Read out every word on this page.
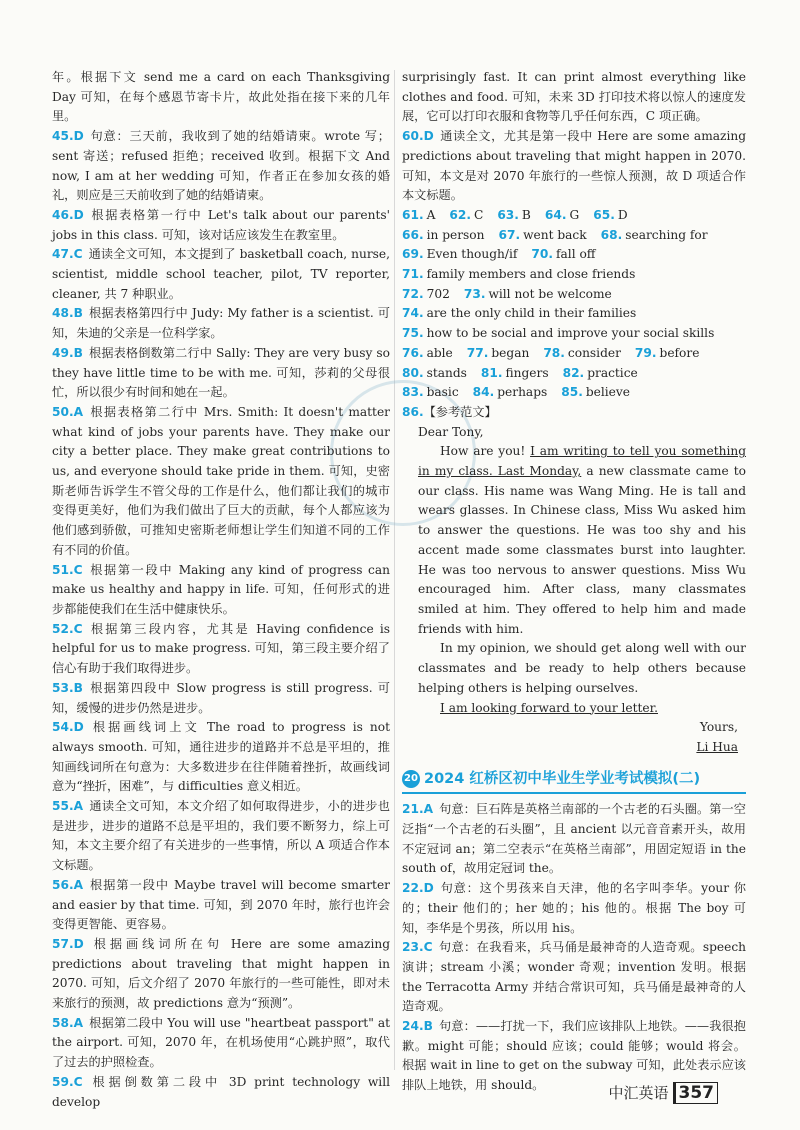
年。根据下文 send me a card on each Thanksgiving Day 可知，在每个感恩节寄卡片，故此处指在接下来的几年里。

45.D 句意：三天前，我收到了她的结婚请柬。wrote 写；sent 寄送；refused 拒绝；received 收到。根据下文 And now, I am at her wedding 可知，作者正在参加女孩的婚礼，则应是三天前收到了她的结婚请柬。

46.D 根据表格第一行中 Let's talk about our parents' jobs in this class. 可知，该对话应该发生在教室里。

47.C 通读全文可知，本文提到了 basketball coach, nurse, scientist, middle school teacher, pilot, TV reporter, cleaner, 共 7 种职业。

48.B 根据表格第四行中 Judy: My father is a scientist. 可知，朱迪的父亲是一位科学家。

49.B 根据表格倒数第二行中 Sally: They are very busy so they have little time to be with me. 可知，莎莉的父母很忙，所以很少有时间和她在一起。

50.A 根据表格第二行中 Mrs. Smith: It doesn't matter what kind of jobs your parents have. They make our city a better place. They make great contributions to us, and everyone should take pride in them. 可知，史密斯老师告诉学生不管父母的工作是什么，他们都让我们的城市变得更美好，他们为我们做出了巨大的贡献，每个人都应该为他们感到骄傲，可推知史密斯老师想让学生们知道不同的工作有不同的价值。

51.C 根据第一段中 Making any kind of progress can make us healthy and happy in life. 可知，任何形式的进步都能使我们在生活中健康快乐。

52.C 根据第三段内容，尤其是 Having confidence is helpful for us to make progress. 可知，第三段主要介绍了信心有助于我们取得进步。

53.B 根据第四段中 Slow progress is still progress. 可知，缓慢的进步仍然是进步。

54.D 根据画线词上文 The road to progress is not always smooth. 可知，通往进步的道路并不总是平坦的，推知画线词所在句意为：大多数进步在往伴随着挫折，故画线词意为“挫折，困难”，与 difficulties 意义相近。

55.A 通读全文可知，本文介绍了如何取得进步，小的进步也是进步，进步的道路不总是平坦的，我们要不断努力，综上可知，本文主要介绍了有关进步的一些事情，所以 A 项适合作本文标题。

56.A 根据第一段中 Maybe travel will become smarter and easier by that time. 可知，到 2070 年时，旅行也许会变得更智能、更容易。

57.D 根据画线词所在句 Here are some amazing predictions about traveling that might happen in 2070. 可知，后文介绍了 2070 年旅行的一些可能性，即对未来旅行的预测，故 predictions 意为“预测”。

58.A 根据第二段中 You will use "heartbeat passport" at the airport. 可知，2070 年，在机场使用“心跳护照”，取代了过去的护照检查。

59.C 根据倒数第二段中 3D print technology will develop

surprisingly fast. It can print almost everything like clothes and food. 可知，未来 3D 打印技术将以惊人的速度发展，它可以打印衣服和食物等几乎任何东西，C 项正确。

60.D 通读全文，尤其是第一段中 Here are some amazing predictions about traveling that might happen in 2070. 可知，本文是对 2070 年旅行的一些惊人预测，故 D 项适合作本文标题。

61. A 62. C 63. B 64. G 65. D
66. in person 67. went back 68. searching for
69. Even though/if 70. fall off
71. family members and close friends
72. 702 73. will not be welcome
74. are the only child in their families
75. how to be social and improve your social skills
76. able 77. began 78. consider 79. before
80. stands 81. fingers 82. practice
83. basic 84. perhaps 85. believe

86.【参考范文】

Dear Tony,

How are you! I am writing to tell you something in my class. Last Monday, a new classmate came to our class. His name was Wang Ming. He is tall and wears glasses. In Chinese class, Miss Wu asked him to answer the questions. He was too shy and his accent made some classmates burst into laughter. He was too nervous to answer questions. Miss Wu encouraged him. After class, many classmates smiled at him. They offered to help him and made friends with him.

In my opinion, we should get along well with our classmates and be ready to help others because helping others is helping ourselves.

I am looking forward to your letter.

Yours,

Li Hua

20 2024 红桥区初中毕业生学业考试模拟(二)

21.A 句意：巨石阵是英格兰南部的一个古老的石头圈。第一空泛指“一个古老的石头圈”，且 ancient 以元音音素开头，故用不定冠词 an；第二空表示“在英格兰南部”，用固定短语 in the south of，故用定冠词 the。

22.D 句意：这个男孩来自天津，他的名字叫李华。your 你的；their 他们的；her 她的；his 他的。根据 The boy 可知，李华是个男孩，所以用 his。

23.C 句意：在我看来，兵马俑是最神奇的人造奇观。speech 演讲；stream 小溪；wonder 奇观；invention 发明。根据 the Terracotta Army 并结合常识可知，兵马俑是最神奇的人造奇观。

24.B 句意：——打扰一下，我们应该排队上地铁。——我很抱歉。might 可能；should 应该；could 能够；would 将会。根据 wait in line to get on the subway 可知，此处表示应该排队上地铁，用 should。	中汇英语 357
